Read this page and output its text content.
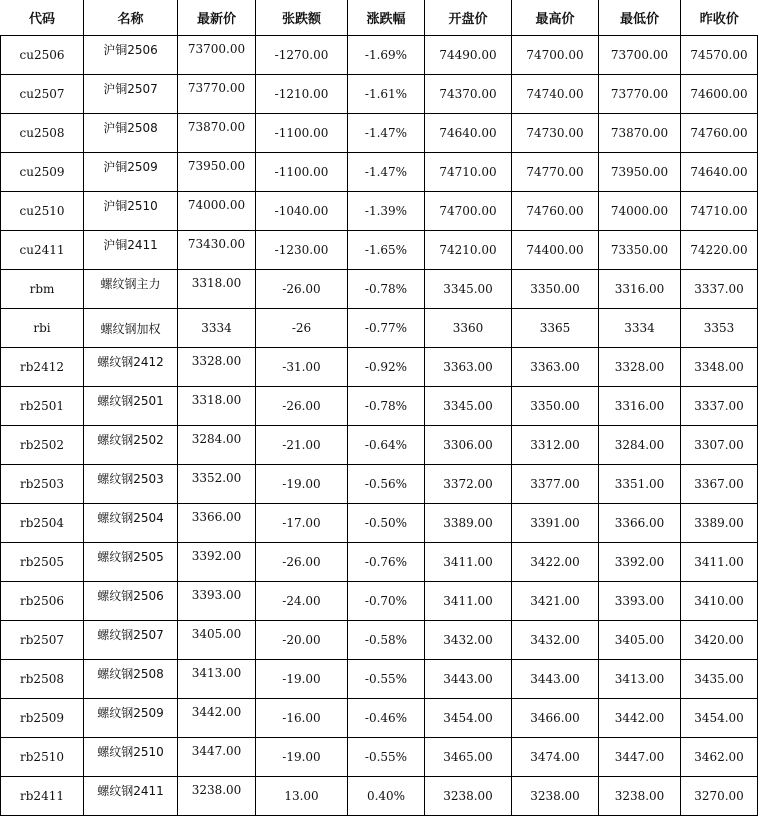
代码	名称	最新价	张跌额	涨跌幅	开盘价	最高价	最低价	昨收价
cu2506	沪铜2506	73700.00	-1270.00	-1.69%	74490.00	74700.00	73700.00	74570.00
cu2507	沪铜2507	73770.00	-1210.00	-1.61%	74370.00	74740.00	73770.00	74600.00
cu2508	沪铜2508	73870.00	-1100.00	-1.47%	74640.00	74730.00	73870.00	74760.00
cu2509	沪铜2509	73950.00	-1100.00	-1.47%	74710.00	74770.00	73950.00	74640.00
cu2510	沪铜2510	74000.00	-1040.00	-1.39%	74700.00	74760.00	74000.00	74710.00
cu2411	沪铜2411	73430.00	-1230.00	-1.65%	74210.00	74400.00	73350.00	74220.00
rbm	螺纹钢主力	3318.00	-26.00	-0.78%	3345.00	3350.00	3316.00	3337.00
rbi	螺纹钢加权	3334	-26	-0.77%	3360	3365	3334	3353
rb2412	螺纹钢2412	3328.00	-31.00	-0.92%	3363.00	3363.00	3328.00	3348.00
rb2501	螺纹钢2501	3318.00	-26.00	-0.78%	3345.00	3350.00	3316.00	3337.00
rb2502	螺纹钢2502	3284.00	-21.00	-0.64%	3306.00	3312.00	3284.00	3307.00
rb2503	螺纹钢2503	3352.00	-19.00	-0.56%	3372.00	3377.00	3351.00	3367.00
rb2504	螺纹钢2504	3366.00	-17.00	-0.50%	3389.00	3391.00	3366.00	3389.00
rb2505	螺纹钢2505	3392.00	-26.00	-0.76%	3411.00	3422.00	3392.00	3411.00
rb2506	螺纹钢2506	3393.00	-24.00	-0.70%	3411.00	3421.00	3393.00	3410.00
rb2507	螺纹钢2507	3405.00	-20.00	-0.58%	3432.00	3432.00	3405.00	3420.00
rb2508	螺纹钢2508	3413.00	-19.00	-0.55%	3443.00	3443.00	3413.00	3435.00
rb2509	螺纹钢2509	3442.00	-16.00	-0.46%	3454.00	3466.00	3442.00	3454.00
rb2510	螺纹钢2510	3447.00	-19.00	-0.55%	3465.00	3474.00	3447.00	3462.00
rb2411	螺纹钢2411	3238.00	13.00	0.40%	3238.00	3238.00	3238.00	3270.00
